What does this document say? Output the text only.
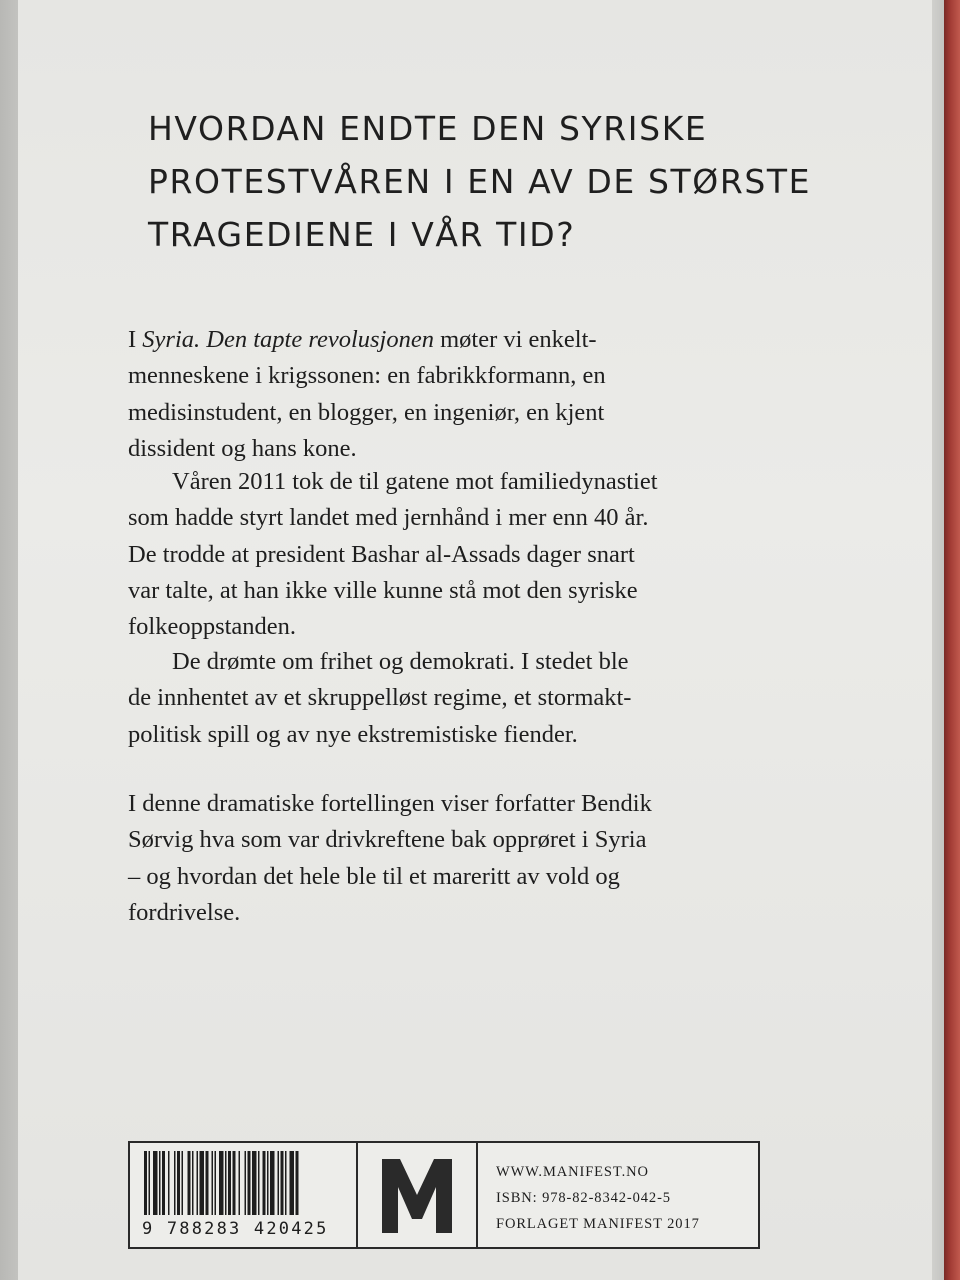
HVORDAN ENDTE DEN SYRISKE
PROTESTVÅREN I EN AV DE STØRSTE
TRAGEDIENE I VÅR TID?
I Syria. Den tapte revolusjonen møter vi enkelt-
menneskene i krigssonen: en fabrikkformann, en
medisinstudent, en blogger, en ingeniør, en kjent
dissident og hans kone.
Våren 2011 tok de til gatene mot familiedynastiet
som hadde styrt landet med jernhånd i mer enn 40 år.
De trodde at president Bashar al-Assads dager snart
var talte, at han ikke ville kunne stå mot den syriske
folkeoppstanden.
De drømte om frihet og demokrati. I stedet ble
de innhentet av et skruppelløst regime, et stormakt-
politisk spill og av nye ekstremistiske fiender.
I denne dramatiske fortellingen viser forfatter Bendik
Sørvig hva som var drivkreftene bak opprøret i Syria
– og hvordan det hele ble til et mareritt av vold og
fordrivelse.
9 788283 420425
WWW.MANIFEST.NO
ISBN: 978-82-8342-042-5
FORLAGET MANIFEST 2017
